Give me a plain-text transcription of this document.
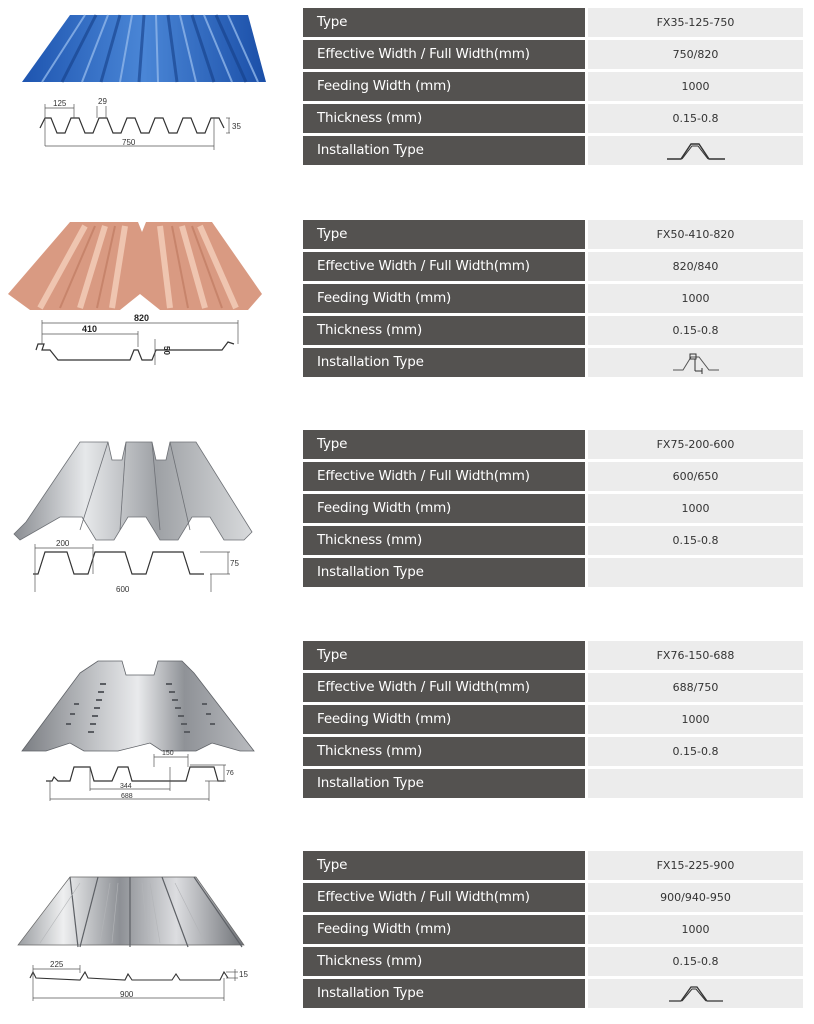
125	29
35
750
Type	FX35-125-750
Effective Width / Full Width(mm)	750/820
Feeding Width (mm)	1000
Thickness (mm)	0.15-0.8
Installation Type
820
410
50
Type	FX50-410-820
Effective Width / Full Width(mm)	820/840
Feeding Width (mm)	1000
Thickness (mm)	0.15-0.8
Installation Type
200
75
600
Type	FX75-200-600
Effective Width / Full Width(mm)	600/650
Feeding Width (mm)	1000
Thickness (mm)	0.15-0.8
Installation Type
150
76
344
688
Type	FX76-150-688
Effective Width / Full Width(mm)	688/750
Feeding Width (mm)	1000
Thickness (mm)	0.15-0.8
Installation Type
225
15
900
Type	FX15-225-900
Effective Width / Full Width(mm)	900/940-950
Feeding Width (mm)	1000
Thickness (mm)	0.15-0.8
Installation Type
